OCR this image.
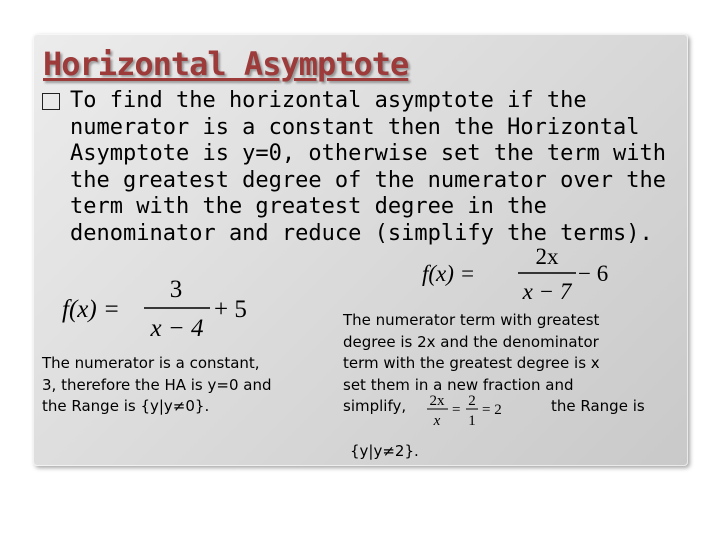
Horizontal Asymptote

To find the horizontal asymptote if the numerator is a constant then the Horizontal Asymptote is y=0, otherwise set the term with the greatest degree of the numerator over the term with the greatest degree in the denominator and reduce (simplify the terms).

f(x) =
3
x − 4
+ 5
f(x) =
2x
x − 7
− 6
The numerator is a constant,
3, therefore the HA is y=0 and
the Range is {y|y≠0}.
The numerator term with greatest
degree is 2x and the denominator
term with the greatest degree is x
set them in a new fraction and
simplify,	the Range is
2x
x
=
2
1
= 2
{y|y≠2}.
